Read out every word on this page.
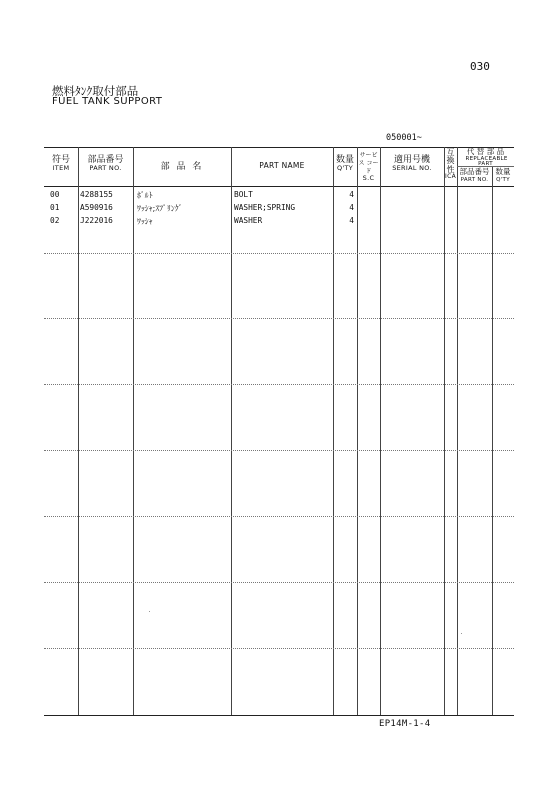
030
燃料ﾀﾝｸ取付部品
FUEL TANK SUPPORT
050001~
符号
ITEM
部品番号
PART NO.	部 品 名	PART NAME
数量
Q'TY
サービス コード
S.C
適用号機
SERIAL NO.
互 換 性
ICA
代 替 部 品
REPLACEABLE PART
部品番号
PART NO.
数量
Q'TY
00	4288155	ﾎﾞﾙﾄ	BOLT	4
01	A590916	ﾜｯｼｬ;ｽﾌﾟﾘﾝｸﾞ	WASHER;SPRING	4
02	J222016	ﾜｯｼｬ	WASHER	4
EP14M-1-4
